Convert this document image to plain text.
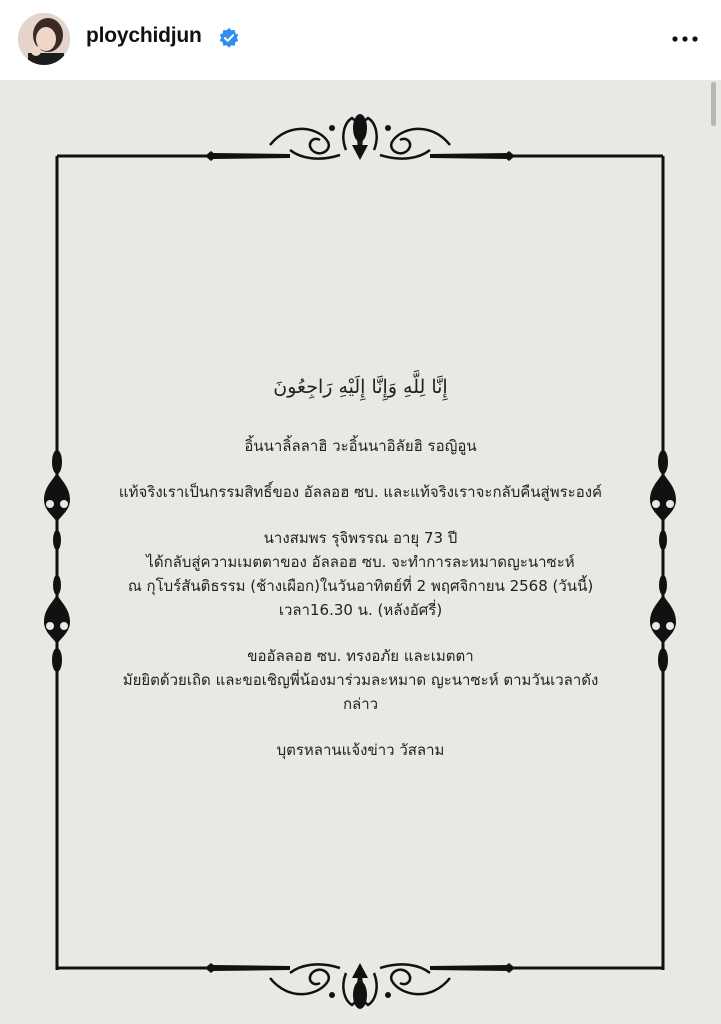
ploychidjun
إِنَّا لِلَّهِ وَإِنَّا إِلَيْهِ رَاجِعُونَ
อิ้นนาลิ้ลลาฮิ วะอิ้นนาอิลัยฮิ รอญิอูน
แท้จริงเราเป็นกรรมสิทธิ์ของ อัลลอฮ ซบ. และแท้จริงเราจะกลับคืนสู่พระองค์
นางสมพร รุจิพรรณ อายุ 73 ปี
ได้กลับสู่ความเมตตาของ อัลลอฮ ซบ. จะทำการละหมาดญะนาซะห์
ณ กุโบร์สันติธรรม (ช้างเผือก)ในวันอาทิตย์ที่ 2 พฤศจิกายน 2568 (วันนี้)
เวลา16.30 น. (หลังอัศรี่)
ขออัลลอฮ ซบ. ทรงอภัย และเมตตา
มัยยิตด้วยเถิด และขอเชิญพี่น้องมาร่วมละหมาด ญะนาซะห์ ตามวันเวลาดัง
กล่าว
บุตรหลานแจ้งข่าว วัสลาม
